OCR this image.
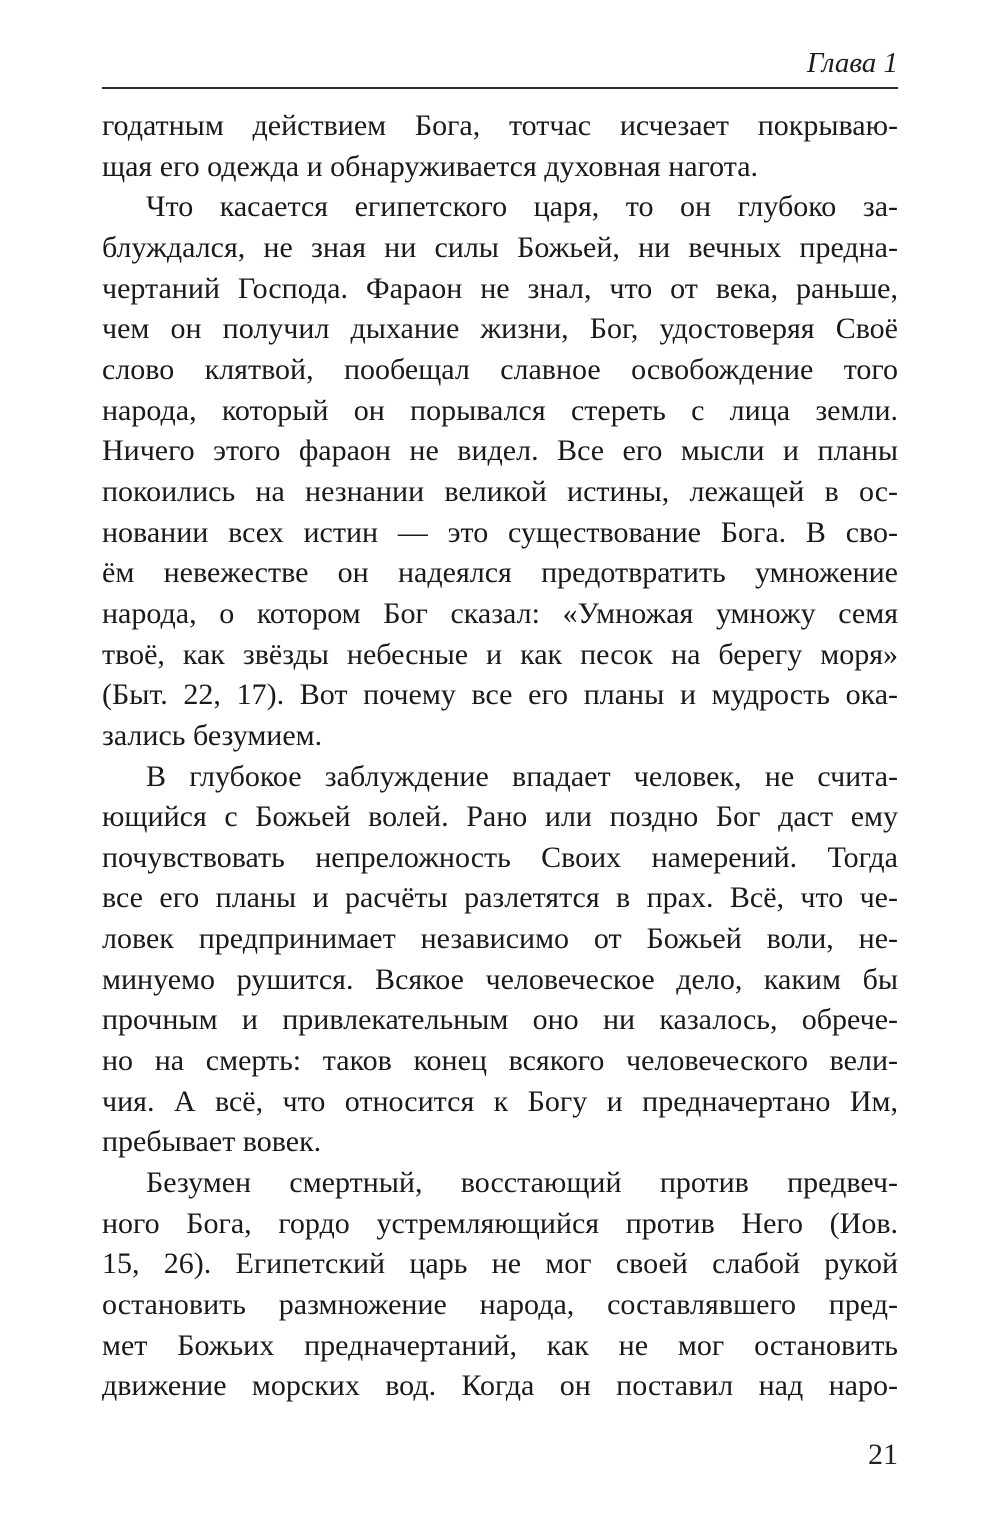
Глава 1
годатным действием Бога, тотчас исчезает покрываю-
щая его одежда и обнаруживается духовная нагота.
Что касается египетского царя, то он глубоко за-
блуждался, не зная ни силы Божьей, ни вечных предна-
чертаний Господа. Фараон не знал, что от века, раньше,
чем он получил дыхание жизни, Бог, удостоверяя Своё
слово клятвой, пообещал славное освобождение того
народа, который он порывался стереть с лица земли.
Ничего этого фараон не видел. Все его мысли и планы
покоились на незнании великой истины, лежащей в ос-
новании всех истин — это существование Бога. В сво-
ём невежестве он надеялся предотвратить умножение
народа, о котором Бог сказал: «Умножая умножу семя
твоё, как звёзды небесные и как песок на берегу моря»
(Быт. 22, 17). Вот почему все его планы и мудрость ока-
зались безумием.
В глубокое заблуждение впадает человек, не счита-
ющийся с Божьей волей. Рано или поздно Бог даст ему
почувствовать непреложность Своих намерений. Тогда
все его планы и расчёты разлетятся в прах. Всё, что че-
ловек предпринимает независимо от Божьей воли, не-
минуемо рушится. Всякое человеческое дело, каким бы
прочным и привлекательным оно ни казалось, обрече-
но на смерть: таков конец всякого человеческого вели-
чия. А всё, что относится к Богу и предначертано Им,
пребывает вовек.
Безумен смертный, восстающий против предвеч-
ного Бога, гордо устремляющийся против Него (Иов.
15, 26). Египетский царь не мог своей слабой рукой
остановить размножение народа, составлявшего пред-
мет Божьих предначертаний, как не мог остановить
движение морских вод. Когда он поставил над наро-
21
